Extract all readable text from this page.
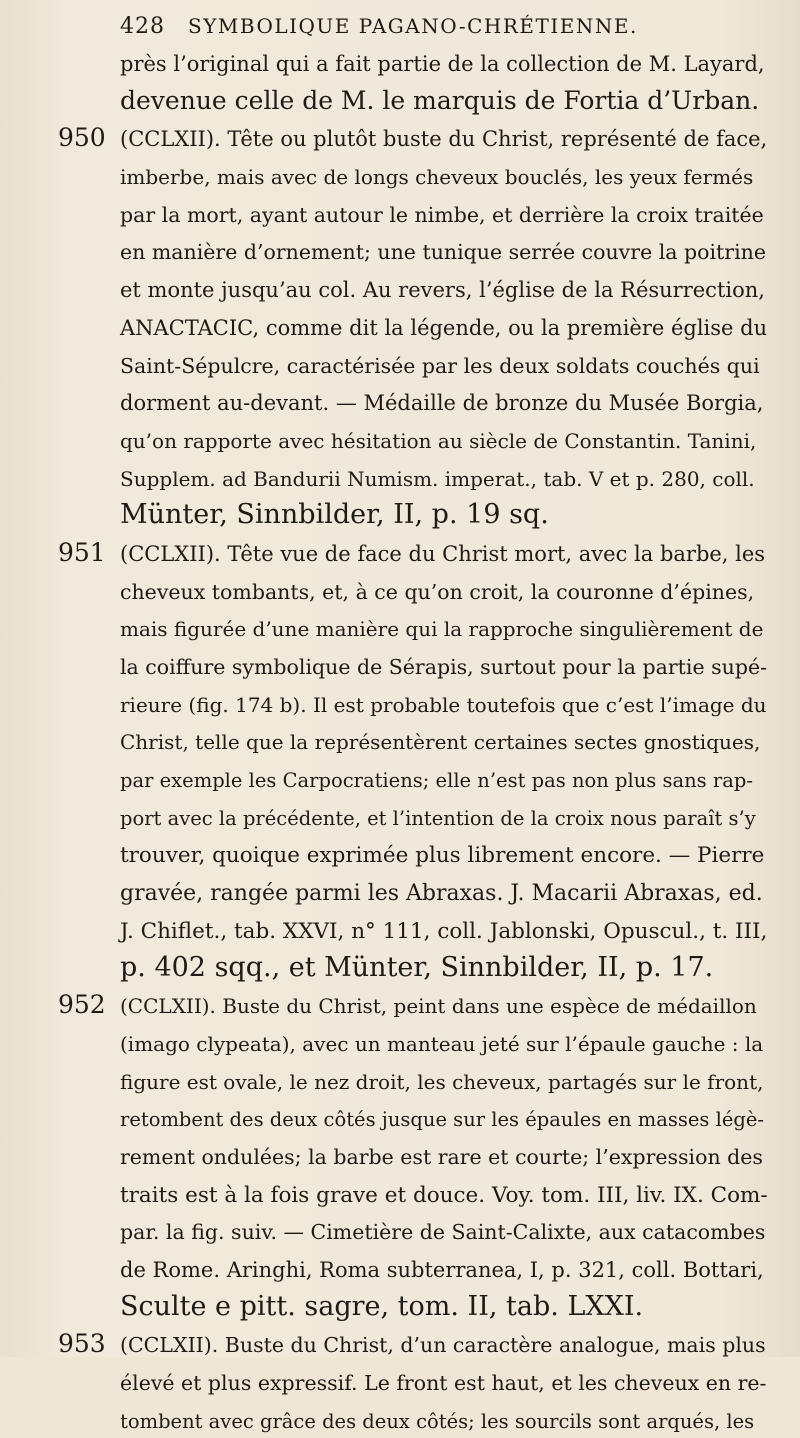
428 SYMBOLIQUE PAGANO-CHRÉTIENNE.
près l’original qui a fait partie de la collection de M. Layard,
devenue celle de M. le marquis de Fortia d’Urban.
950 (CCLXII). Tête ou plutôt buste du Christ, représenté de face,
imberbe, mais avec de longs cheveux bouclés, les yeux fermés
par la mort, ayant autour le nimbe, et derrière la croix traitée
en manière d’ornement; une tunique serrée couvre la poitrine
et monte jusqu’au col. Au revers, l’église de la Résurrection,
ANACTACIC, comme dit la légende, ou la première église du
Saint-Sépulcre, caractérisée par les deux soldats couchés qui
dorment au-devant. — Médaille de bronze du Musée Borgia,
qu’on rapporte avec hésitation au siècle de Constantin. Tanini,
Supplem. ad Bandurii Numism. imperat., tab. V et p. 280, coll.
Münter, Sinnbilder, II, p. 19 sq.
951 (CCLXII). Tête vue de face du Christ mort, avec la barbe, les
cheveux tombants, et, à ce qu’on croit, la couronne d’épines,
mais figurée d’une manière qui la rapproche singulièrement de
la coiffure symbolique de Sérapis, surtout pour la partie supé-
rieure (fig. 174 b). Il est probable toutefois que c’est l’image du
Christ, telle que la représentèrent certaines sectes gnostiques,
par exemple les Carpocratiens; elle n’est pas non plus sans rap-
port avec la précédente, et l’intention de la croix nous paraît s’y
trouver, quoique exprimée plus librement encore. — Pierre
gravée, rangée parmi les Abraxas. J. Macarii Abraxas, ed.
J. Chiflet., tab. XXVI, n° 111, coll. Jablonski, Opuscul., t. III,
p. 402 sqq., et Münter, Sinnbilder, II, p. 17.
952 (CCLXII). Buste du Christ, peint dans une espèce de médaillon
(imago clypeata), avec un manteau jeté sur l’épaule gauche : la
figure est ovale, le nez droit, les cheveux, partagés sur le front,
retombent des deux côtés jusque sur les épaules en masses légè-
rement ondulées; la barbe est rare et courte; l’expression des
traits est à la fois grave et douce. Voy. tom. III, liv. IX. Com-
par. la fig. suiv. — Cimetière de Saint-Calixte, aux catacombes
de Rome. Aringhi, Roma subterranea, I, p. 321, coll. Bottari,
Sculte e pitt. sagre, tom. II, tab. LXXI.
953 (CCLXII). Buste du Christ, d’un caractère analogue, mais plus
élevé et plus expressif. Le front est haut, et les cheveux en re-
tombent avec grâce des deux côtés; les sourcils sont arqués, les
